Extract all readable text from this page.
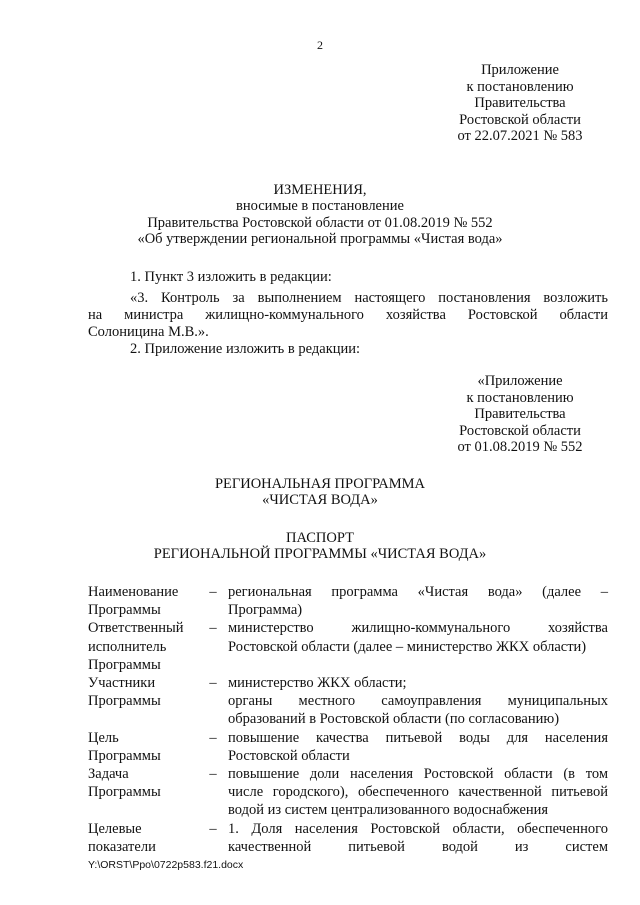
2
Приложение
к постановлению
Правительства
Ростовской области
от 22.07.2021 № 583
ИЗМЕНЕНИЯ,
вносимые в постановление
Правительства Ростовской области от 01.08.2019 № 552
«Об утверждении региональной программы «Чистая вода»
1. Пункт 3 изложить в редакции:
«3. Контроль за выполнением настоящего постановления возложить
на министра жилищно-коммунального хозяйства Ростовской области
Солоницина М.В.».
2. Приложение изложить в редакции:
«Приложение
к постановлению
Правительства
Ростовской области
от 01.08.2019 № 552
РЕГИОНАЛЬНАЯ ПРОГРАММА
«ЧИСТАЯ ВОДА»
ПАСПОРТ
РЕГИОНАЛЬНОЙ ПРОГРАММЫ «ЧИСТАЯ ВОДА»
Наименование
Программы
– региональная программа «Чистая вода» (далее –
Программа)
Ответственный
исполнитель
Программы
– министерство жилищно-коммунального хозяйства
Ростовской области (далее – министерство ЖКХ области)
Участники
Программы
– министерство ЖКХ области;
органы местного самоуправления муниципальных
образований в Ростовской области (по согласованию)
Цель
Программы
– повышение качества питьевой воды для населения
Ростовской области
Задача
Программы
– повышение доли населения Ростовской области (в том
числе городского), обеспеченного качественной питьевой
водой из систем централизованного водоснабжения
Целевые
показатели
– 1. Доля населения Ростовской области, обеспеченного
качественной питьевой водой из систем
Y:\ORST\Ppo\0722p583.f21.docx
